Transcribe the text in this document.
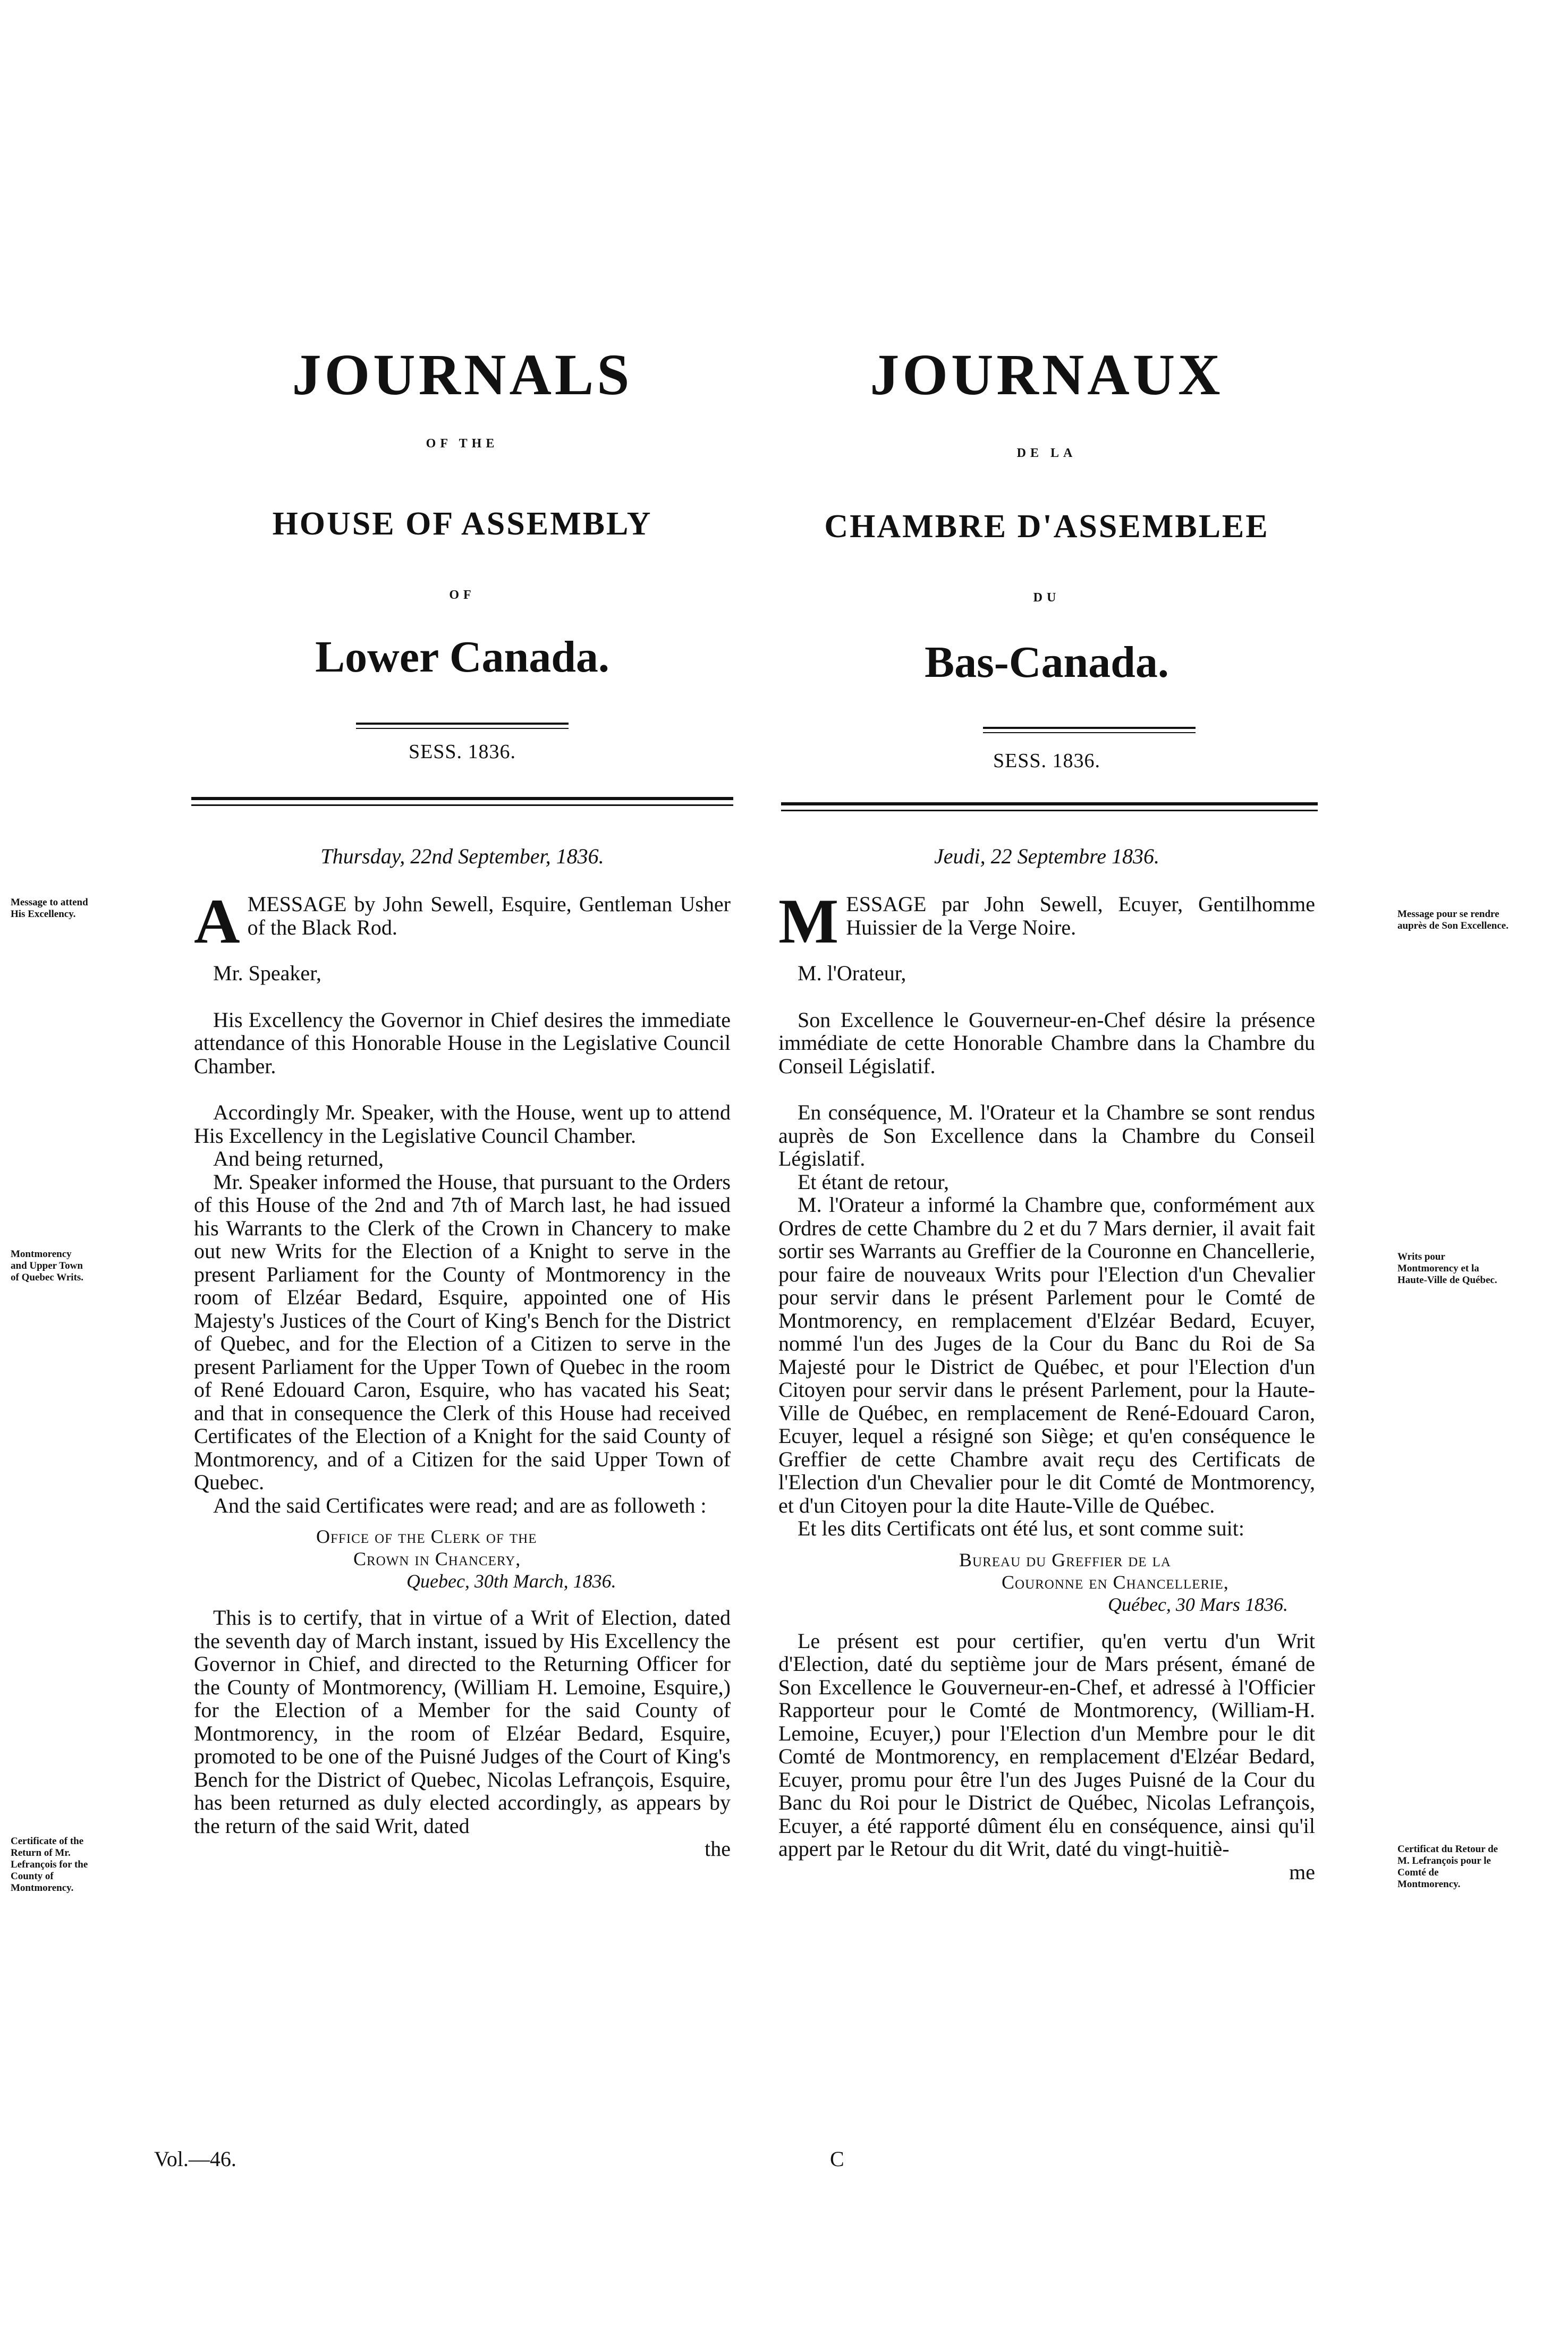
JOURNALS
OF THE
HOUSE OF ASSEMBLY
OF
Lower Canada.
SESS. 1836.
Thursday, 22nd September, 1836.

AMESSAGE by John Sewell, Esquire, Gentleman Usher of the Black Rod.

Mr. Speaker,

His Excellency the Governor in Chief desires the immediate attendance of this Honorable House in the Legislative Council Chamber.

Accordingly Mr. Speaker, with the House, went up to attend His Excellency in the Legislative Council Chamber.

And being returned,

Mr. Speaker informed the House, that pursuant to the Orders of this House of the 2nd and 7th of March last, he had issued his Warrants to the Clerk of the Crown in Chancery to make out new Writs for the Election of a Knight to serve in the present Parliament for the County of Montmorency in the room of Elzéar Bedard, Esquire, appointed one of His Majesty's Justices of the Court of King's Bench for the District of Quebec, and for the Election of a Citizen to serve in the present Parliament for the Upper Town of Quebec in the room of René Edouard Caron, Esquire, who has vacated his Seat; and that in consequence the Clerk of this House had received Certificates of the Election of a Knight for the said County of Montmorency, and of a Citizen for the said Upper Town of Quebec.

And the said Certificates were read; and are as followeth :

Office of the Clerk of the
Crown in Chancery,
Quebec, 30th March, 1836.

This is to certify, that in virtue of a Writ of Election, dated the seventh day of March instant, issued by His Excellency the Governor in Chief, and directed to the Returning Officer for the County of Montmorency, (William H. Lemoine, Esquire,) for the Election of a Member for the said County of Montmorency, in the room of Elzéar Bedard, Esquire, promoted to be one of the Puisné Judges of the Court of King's Bench for the District of Quebec, Nicolas Lefrançois, Esquire, has been returned as duly elected accordingly, as appears by the return of the said Writ, dated

the
JOURNAUX
DE LA
CHAMBRE D'ASSEMBLEE
DU
Bas-Canada.
SESS. 1836.
Jeudi, 22 Septembre 1836.

MESSAGE par John Sewell, Ecuyer, Gentilhomme Huissier de la Verge Noire.

M. l'Orateur,

Son Excellence le Gouverneur-en-Chef désire la présence immédiate de cette Honorable Chambre dans la Chambre du Conseil Législatif.

En conséquence, M. l'Orateur et la Chambre se sont rendus auprès de Son Excellence dans la Chambre du Conseil Législatif.

Et étant de retour,

M. l'Orateur a informé la Chambre que, conformément aux Ordres de cette Chambre du 2 et du 7 Mars dernier, il avait fait sortir ses Warrants au Greffier de la Couronne en Chancellerie, pour faire de nouveaux Writs pour l'Election d'un Chevalier pour servir dans le présent Parlement pour le Comté de Montmorency, en remplacement d'Elzéar Bedard, Ecuyer, nommé l'un des Juges de la Cour du Banc du Roi de Sa Majesté pour le District de Québec, et pour l'Election d'un Citoyen pour servir dans le présent Parlement, pour la Haute-Ville de Québec, en remplacement de René-Edouard Caron, Ecuyer, lequel a résigné son Siège; et qu'en conséquence le Greffier de cette Chambre avait reçu des Certificats de l'Election d'un Chevalier pour le dit Comté de Montmorency, et d'un Citoyen pour la dite Haute-Ville de Québec.

Et les dits Certificats ont été lus, et sont comme suit:

Bureau du Greffier de la
Couronne en Chancellerie,
Québec, 30 Mars 1836.

Le présent est pour certifier, qu'en vertu d'un Writ d'Election, daté du septième jour de Mars présent, émané de Son Excellence le Gouverneur-en-Chef, et adressé à l'Officier Rapporteur pour le Comté de Montmorency, (William-H. Lemoine, Ecuyer,) pour l'Election d'un Membre pour le dit Comté de Montmorency, en remplacement d'Elzéar Bedard, Ecuyer, promu pour être l'un des Juges Puisné de la Cour du Banc du Roi pour le District de Québec, Nicolas Lefrançois, Ecuyer, a été rapporté dûment élu en conséquence, ainsi qu'il appert par le Retour du dit Writ, daté du vingt-huitiè-

me
Message to attend His Excellency.
Montmorency and Upper Town of Quebec Writs.
Certificate of the Return of Mr. Lefrançois for the County of Montmorency.
Message pour se rendre auprès de Son Excellence.
Writs pour Montmorency et la Haute-Ville de Québec.
Certificat du Retour de M. Lefrançois pour le Comté de Montmorency.
Vol.—46.	C
